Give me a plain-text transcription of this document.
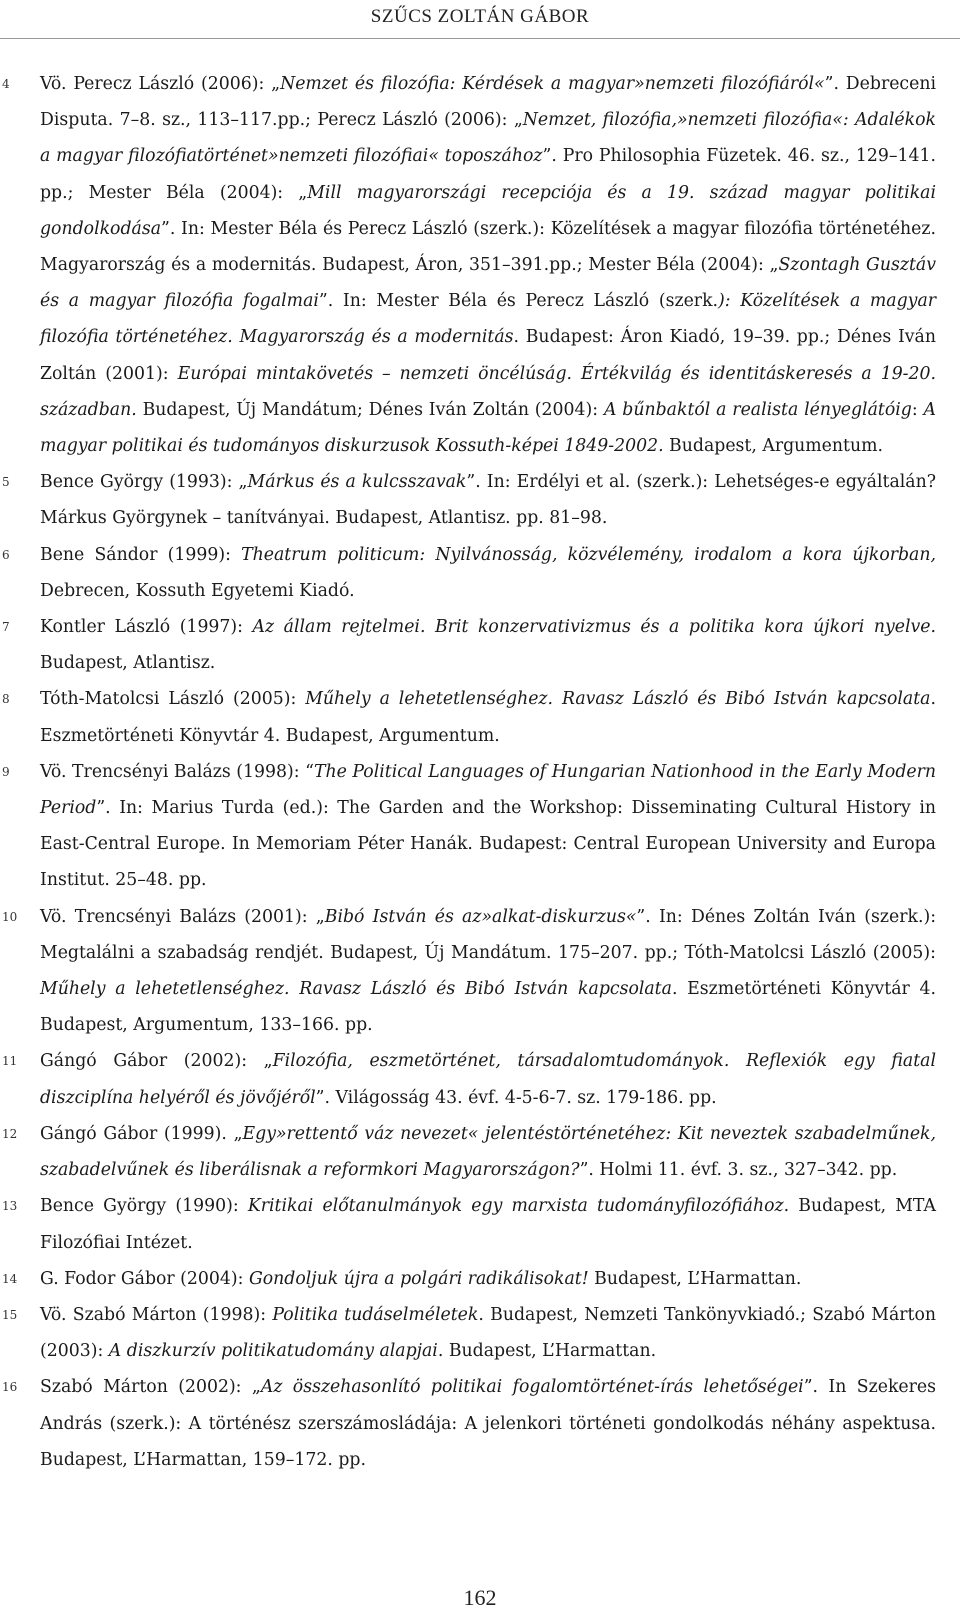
SZŰCS ZOLTÁN GÁBOR
4 Vö. Perecz László (2006): „Nemzet és filozófia: Kérdések a magyar»nemzeti filozófiáról«”. Debreceni Disputa. 7–8. sz., 113–117.pp.; Perecz László (2006): „Nemzet, filozófia,»nemzeti filozófia«: Adalékok a magyar filozófiatörténet»nemzeti filozófiai« toposzához”. Pro Philosophia Füzetek. 46. sz., 129–141. pp.; Mester Béla (2004): „Mill magyarországi recepciója és a 19. század magyar politikai gondolkodása”. In: Mester Béla és Perecz László (szerk.): Közelítések a magyar filozófia történetéhez. Magyarország és a modernitás. Budapest, Áron, 351–391.pp.; Mester Béla (2004): „Szontagh Gusztáv és a magyar filozófia fogalmai”. In: Mester Béla és Perecz László (szerk.): Közelítések a magyar filozófia történetéhez. Magyarország és a modernitás. Budapest: Áron Kiadó, 19–39. pp.; Dénes Iván Zoltán (2001): Európai mintakövetés – nemzeti öncélúság. Értékvilág és identitáskeresés a 19-20. században. Budapest, Új Mandátum; Dénes Iván Zoltán (2004): A bűnbaktól a realista lényeglátóig: A magyar politikai és tudományos diskurzusok Kossuth-képei 1849-2002. Budapest, Argumentum.
5 Bence György (1993): „Márkus és a kulcsszavak”. In: Erdélyi et al. (szerk.): Lehetséges-e egyáltalán? Márkus Györgynek – tanítványai. Budapest, Atlantisz. pp. 81–98.
6 Bene Sándor (1999): Theatrum politicum: Nyilvánosság, közvélemény, irodalom a kora újkorban, Debrecen, Kossuth Egyetemi Kiadó.
7 Kontler László (1997): Az állam rejtelmei. Brit konzervativizmus és a politika kora újkori nyelve. Budapest, Atlantisz.
8 Tóth-Matolcsi László (2005): Műhely a lehetetlenséghez. Ravasz László és Bibó István kapcsolata. Eszmetörténeti Könyvtár 4. Budapest, Argumentum.
9 Vö. Trencsényi Balázs (1998): “The Political Languages of Hungarian Nationhood in the Early Modern Period”. In: Marius Turda (ed.): The Garden and the Workshop: Disseminating Cultural History in East-Central Europe. In Memoriam Péter Hanák. Budapest: Central European University and Europa Institut. 25–48. pp.
10 Vö. Trencsényi Balázs (2001): „Bibó István és az»alkat-diskurzus«”. In: Dénes Zoltán Iván (szerk.): Megtalálni a szabadság rendjét. Budapest, Új Mandátum. 175–207. pp.; Tóth-Matolcsi László (2005): Műhely a lehetetlenséghez. Ravasz László és Bibó István kapcsolata. Eszmetörténeti Könyvtár 4. Budapest, Argumentum, 133–166. pp.
11 Gángó Gábor (2002): „Filozófia, eszmetörténet, társadalomtudományok. Reflexiók egy fiatal diszciplína helyéről és jövőjéről”. Világosság 43. évf. 4-5-6-7. sz. 179-186. pp.
12 Gángó Gábor (1999). „Egy»rettentő váz nevezet« jelentéstörténetéhez: Kit neveztek szabadelműnek, szabadelvűnek és liberálisnak a reformkori Magyarországon?”. Holmi 11. évf. 3. sz., 327–342. pp.
13 Bence György (1990): Kritikai előtanulmányok egy marxista tudományfilozófiához. Budapest, MTA Filozófiai Intézet.
14 G. Fodor Gábor (2004): Gondoljuk újra a polgári radikálisokat! Budapest, L’Harmattan.
15 Vö. Szabó Márton (1998): Politika tudáselméletek. Budapest, Nemzeti Tankönyvkiadó.; Szabó Márton (2003): A diszkurzív politikatudomány alapjai. Budapest, L’Harmattan.
16 Szabó Márton (2002): „Az összehasonlító politikai fogalomtörténet-írás lehetőségei”. In Szekeres András (szerk.): A történész szerszámosládája: A jelenkori történeti gondolkodás néhány aspektusa. Budapest, L’Harmattan, 159–172. pp.
162
